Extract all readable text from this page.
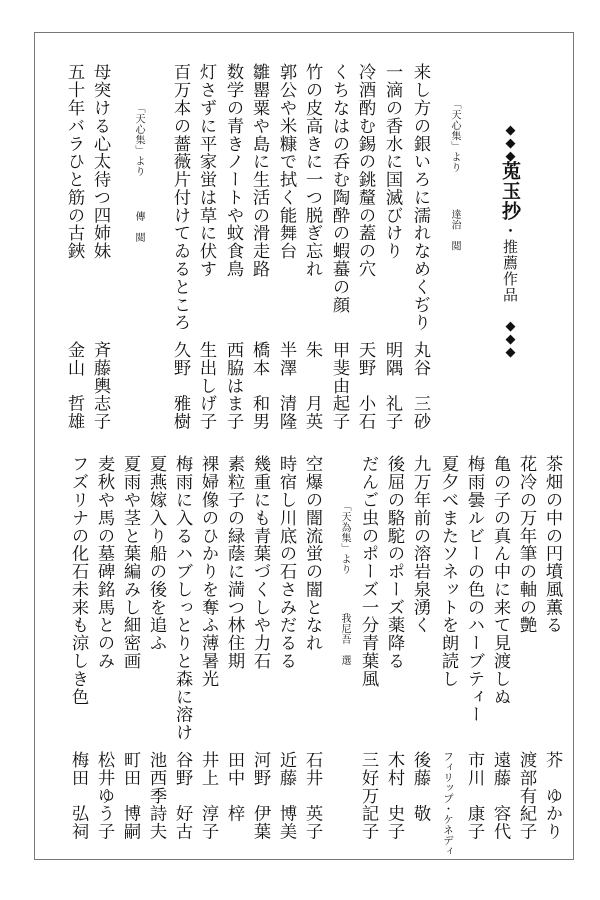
◆◆◆
莵玉抄
・推薦作品
◆◆◆
来し方の銀いろに濡れなめくぢり
丸谷　三砂
一滴の香水に国滅びけり
明隅　礼子
冷酒酌む錫の銚釐の蓋の穴
天野　小石
くちなはの呑む陶酔の蝦蟇の顔
甲斐由起子
竹の皮高きに一つ脱ぎ忘れ
朱　　月英
郭公や米糠で拭く能舞台
半澤　清隆
雛罌粟や島に生活の滑走路
橋本　和男
数学の青きノートや蚊食鳥
西脇はま子
灯さずに平家蛍は草に伏す
生出しげ子
百万本の薔薇片付けてゐるところ
久野　雅樹
母突ける心太待つ四姉妹
斉藤輿志子
五十年バラひと筋の古鋏
金山　哲雄
「天心集」より
達治　閲
「天心集」より
傳　閲
茶畑の中の円墳風薫る
芥　ゆかり
花冷の万年筆の軸の艶
渡部有紀子
亀の子の真ん中に来て見渡しぬ
遠藤　容代
梅雨曇ルビーの色のハーブティー
市川　康子
夏夕べまたソネットを朗読し
フィリップ・ケネディ
九万年前の溶岩泉湧く
後藤　敬
後屈の駱駝のポーズ薬降る
木村　史子
だんご虫のポーズ一分青葉風
三好万記子
空爆の闇流蛍の闇となれ
石井　英子
時宿し川底の石さみだるる
近藤　博美
幾重にも青葉づくしや力石
河野　伊葉
素粒子の緑蔭に満つ林住期
田中　梓
裸婦像のひかりを奪ふ薄暑光
井上　淳子
梅雨に入るハブしっとりと森に溶け
谷野　好古
夏燕嫁入り船の後を追ふ
池西季詩夫
夏雨や茎と葉編みし細密画
町田　博嗣
麦秋や馬の墓碑銘馬とのみ
松井ゆう子
フズリナの化石未来も涼しき色
梅田　弘祠
「天為集」より
我尼吾　選
